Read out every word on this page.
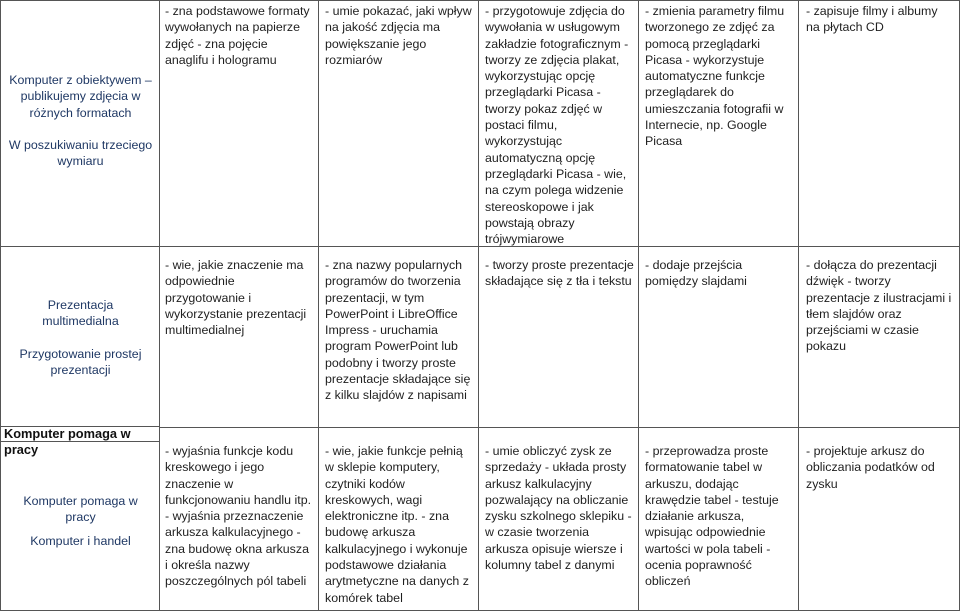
Komputer z obiektywem – publikujemy zdjęcia w różnych formatach
W poszukiwaniu trzeciego wymiaru
- zna podstawowe formaty wywołanych na papierze zdjęć - zna pojęcie anaglifu i hologramu
- umie pokazać, jaki wpływ na jakość zdjęcia ma powiększanie jego rozmiarów
- przygotowuje zdjęcia do wywołania w usługowym zakładzie fotograficznym - tworzy ze zdjęcia plakat, wykorzystując opcję przeglądarki Picasa - tworzy pokaz zdjęć w postaci filmu, wykorzystując automatyczną opcję przeglądarki Picasa - wie, na czym polega widzenie stereoskopowe i jak powstają obrazy trójwymiarowe
- zmienia parametry filmu tworzonego ze zdjęć za pomocą przeglądarki Picasa - wykorzystuje automatyczne funkcje przeglądarek do umieszczania fotografii w Internecie, np. Google Picasa
- zapisuje filmy i albumy na płytach CD
Prezentacja multimedialna
Przygotowanie prostej prezentacji
- wie, jakie znaczenie ma odpowiednie przygotowanie i wykorzystanie prezentacji multimedialnej
- zna nazwy popularnych programów do tworzenia prezentacji, w tym PowerPoint i LibreOffice Impress - uruchamia program PowerPoint lub podobny i tworzy proste prezentacje składające się z kilku slajdów z napisami
- tworzy proste prezentacje składające się z tła i tekstu
- dodaje przejścia pomiędzy slajdami
- dołącza do prezentacji dźwięk - tworzy prezentacje z ilustracjami i tłem slajdów oraz przejściami w czasie pokazu
Komputer pomaga w pracy
Komputer pomaga w pracy
Komputer i handel
- wyjaśnia funkcje kodu kreskowego i jego znaczenie w funkcjonowaniu handlu itp. - wyjaśnia przeznaczenie arkusza kalkulacyjnego - zna budowę okna arkusza i określa nazwy poszczególnych pól tabeli
- wie, jakie funkcje pełnią w sklepie komputery, czytniki kodów kreskowych, wagi elektroniczne itp. - zna budowę arkusza kalkulacyjnego i wykonuje podstawowe działania arytmetyczne na danych z komórek tabel
- umie obliczyć zysk ze sprzedaży - układa prosty arkusz kalkulacyjny pozwalający na obliczanie zysku szkolnego sklepiku - w czasie tworzenia arkusza opisuje wiersze i kolumny tabel z danymi
- przeprowadza proste formatowanie tabel w arkuszu, dodając krawędzie tabel - testuje działanie arkusza, wpisując odpowiednie wartości w pola tabeli - ocenia poprawność obliczeń
- projektuje arkusz do obliczania podatków od zysku
